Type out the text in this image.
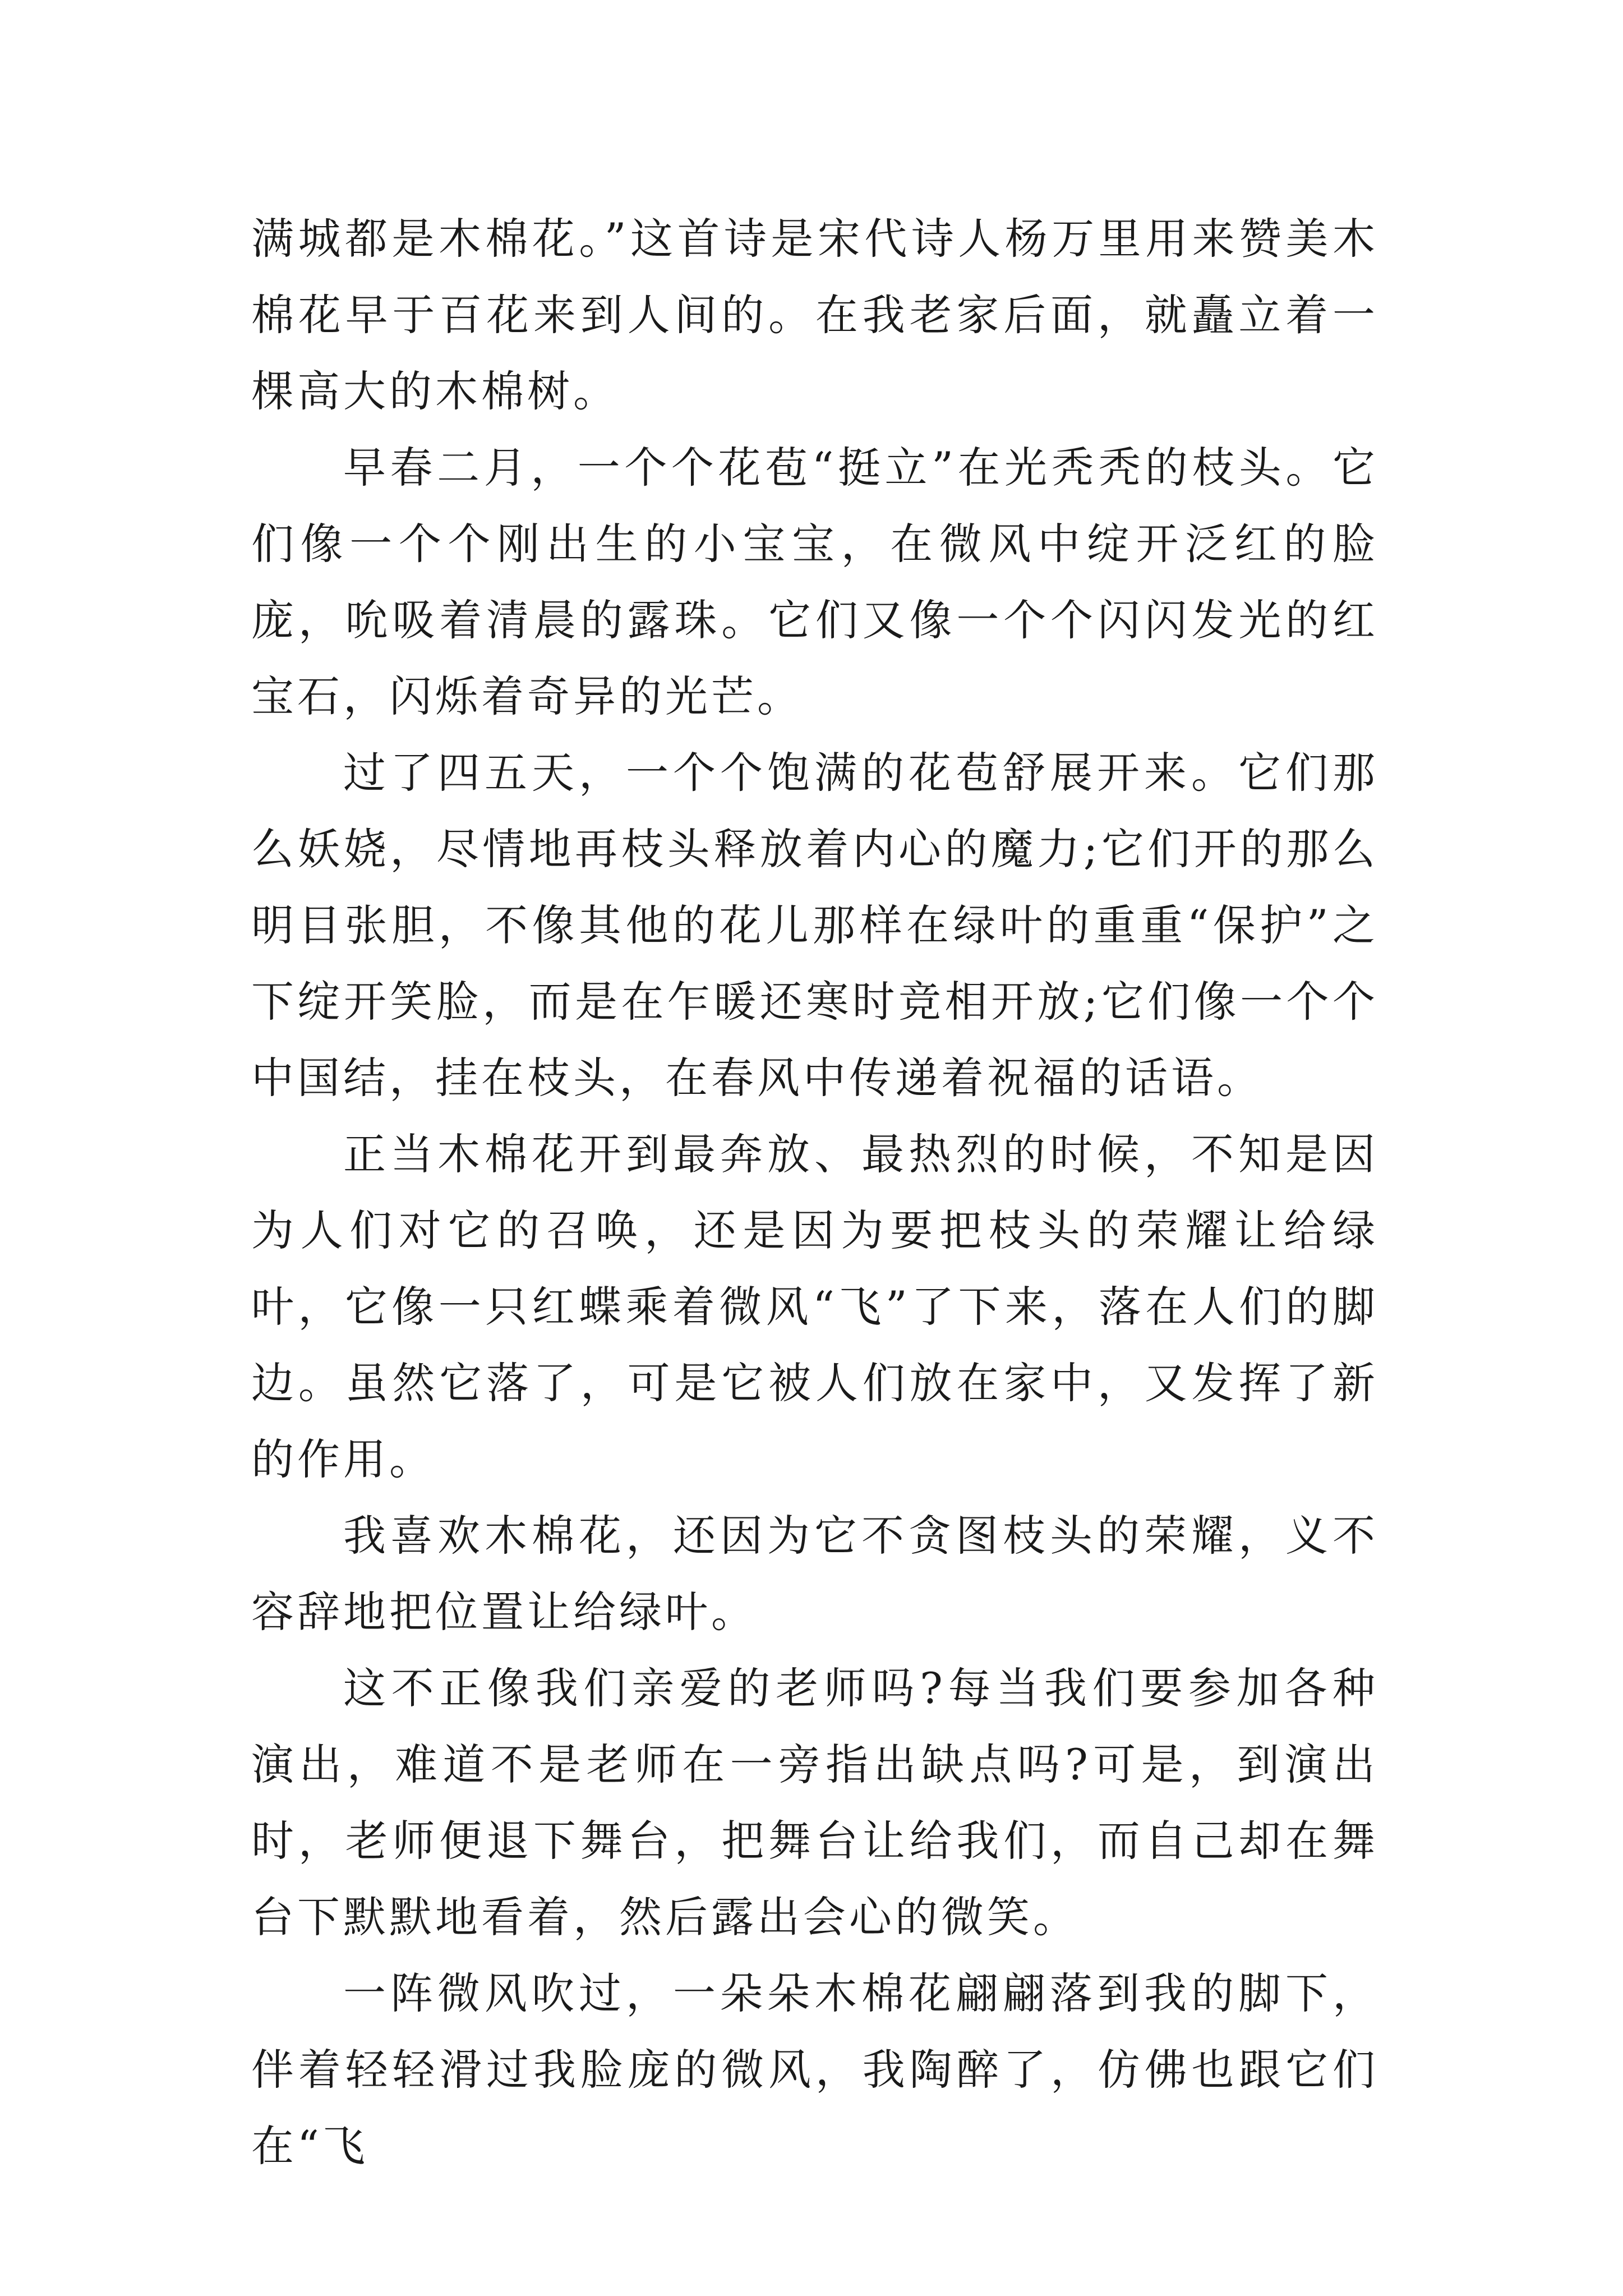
满城都是木棉花。”这首诗是宋代诗人杨万里用来赞美木棉花早于百花来到人间的。在我老家后面，就矗立着一棵高大的木棉树。

早春二月，一个个花苞“挺立”在光秃秃的枝头。它们像一个个刚出生的小宝宝，在微风中绽开泛红的脸庞，吮吸着清晨的露珠。它们又像一个个闪闪发光的红宝石，闪烁着奇异的光芒。

过了四五天，一个个饱满的花苞舒展开来。它们那么妖娆，尽情地再枝头释放着内心的魔力;它们开的那么明目张胆，不像其他的花儿那样在绿叶的重重“保护”之下绽开笑脸，而是在乍暖还寒时竞相开放;它们像一个个中国结，挂在枝头，在春风中传递着祝福的话语。

正当木棉花开到最奔放、最热烈的时候，不知是因为人们对它的召唤，还是因为要把枝头的荣耀让给绿叶，它像一只红蝶乘着微风“飞”了下来，落在人们的脚边。虽然它落了，可是它被人们放在家中，又发挥了新的作用。

我喜欢木棉花，还因为它不贪图枝头的荣耀，义不容辞地把位置让给绿叶。

这不正像我们亲爱的老师吗?每当我们要参加各种演出，难道不是老师在一旁指出缺点吗?可是，到演出时，老师便退下舞台，把舞台让给我们，而自己却在舞台下默默地看着，然后露出会心的微笑。

一阵微风吹过，一朵朵木棉花翩翩落到我的脚下，伴着轻轻滑过我脸庞的微风，我陶醉了，仿佛也跟它们在“飞
